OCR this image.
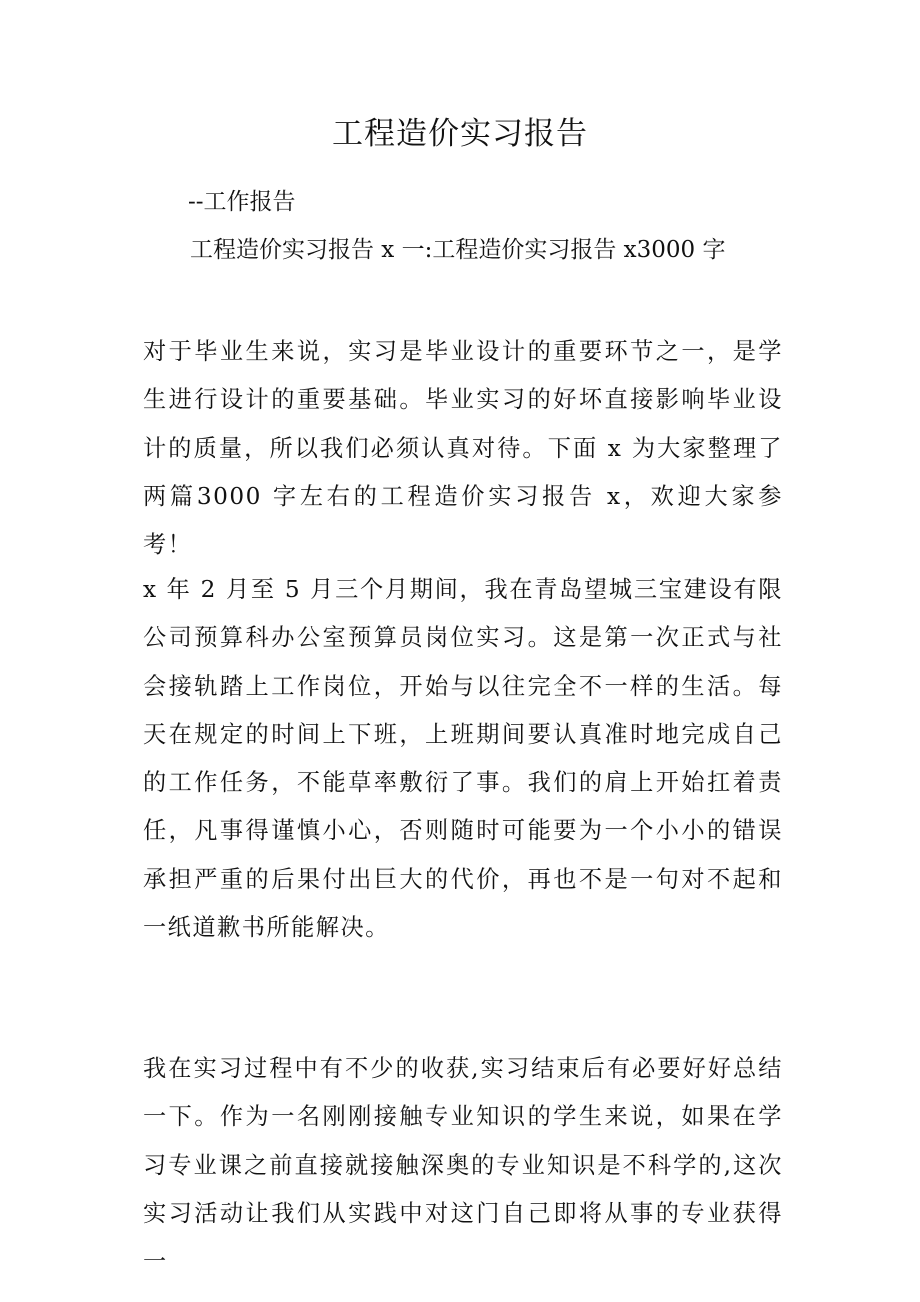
工程造价实习报告

--工作报告

工程造价实习报告 x 一:工程造价实习报告 x3000 字

对于毕业生来说，实习是毕业设计的重要环节之一，是学生进行设计的重要基础。毕业实习的好坏直接影响毕业设计的质量，所以我们必须认真对待。下面 x 为大家整理了两篇3000 字左右的工程造价实习报告 x，欢迎大家参考！

x 年 2 月至 5 月三个月期间，我在青岛望城三宝建设有限公司预算科办公室预算员岗位实习。这是第一次正式与社会接轨踏上工作岗位，开始与以往完全不一样的生活。每天在规定的时间上下班，上班期间要认真准时地完成自己的工作任务，不能草率敷衍了事。我们的肩上开始扛着责任，凡事得谨慎小心，否则随时可能要为一个小小的错误承担严重的后果付出巨大的代价，再也不是一句对不起和一纸道歉书所能解决。

我在实习过程中有不少的收获,实习结束后有必要好好总结一下。作为一名刚刚接触专业知识的学生来说，如果在学习专业课之前直接就接触深奥的专业知识是不科学的,这次实习活动让我们从实践中对这门自己即将从事的专业获得一
